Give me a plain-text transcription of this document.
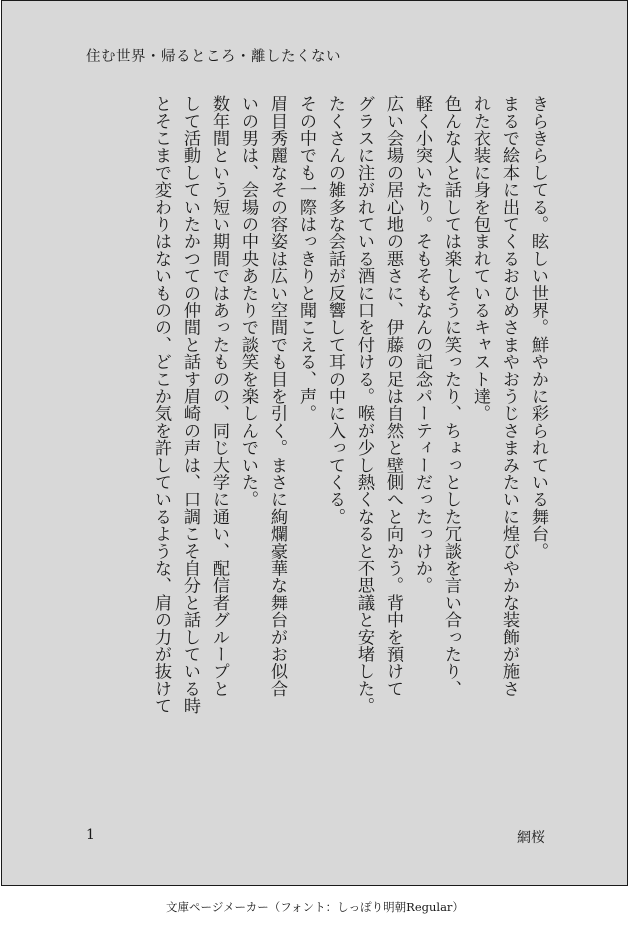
住む世界・帰るところ・離したくない

きらきらしてる。眩しい世界。鮮やかに彩られている舞台。

まるで絵本に出てくるおひめさまやおうじさまみたいに煌びやかな装飾が施さ

れた衣装に身を包まれているキャスト達。

色んな人と話しては楽しそうに笑ったり、ちょっとした冗談を言い合ったり、

軽く小突いたり。そもそもなんの記念パーティーだったっけか。

広い会場の居心地の悪さに、伊藤の足は自然と壁側へと向かう。背中を預けて

グラスに注がれている酒に口を付ける。喉が少し熱くなると不思議と安堵した。

たくさんの雑多な会話が反響して耳の中に入ってくる。

その中でも一際はっきりと聞こえる、声。

眉目秀麗なその容姿は広い空間でも目を引く。まさに絢爛豪華な舞台がお似合

いの男は、会場の中央あたりで談笑を楽しんでいた。

数年間という短い期間ではあったものの、同じ大学に通い、配信者グループと

して活動していたかつての仲間と話す眉崎の声は、口調こそ自分と話している時

とそこまで変わりはないものの、どこか気を許しているような、肩の力が抜けて

1	網桜
文庫ページメーカー（フォント：しっぽり明朝Regular）
